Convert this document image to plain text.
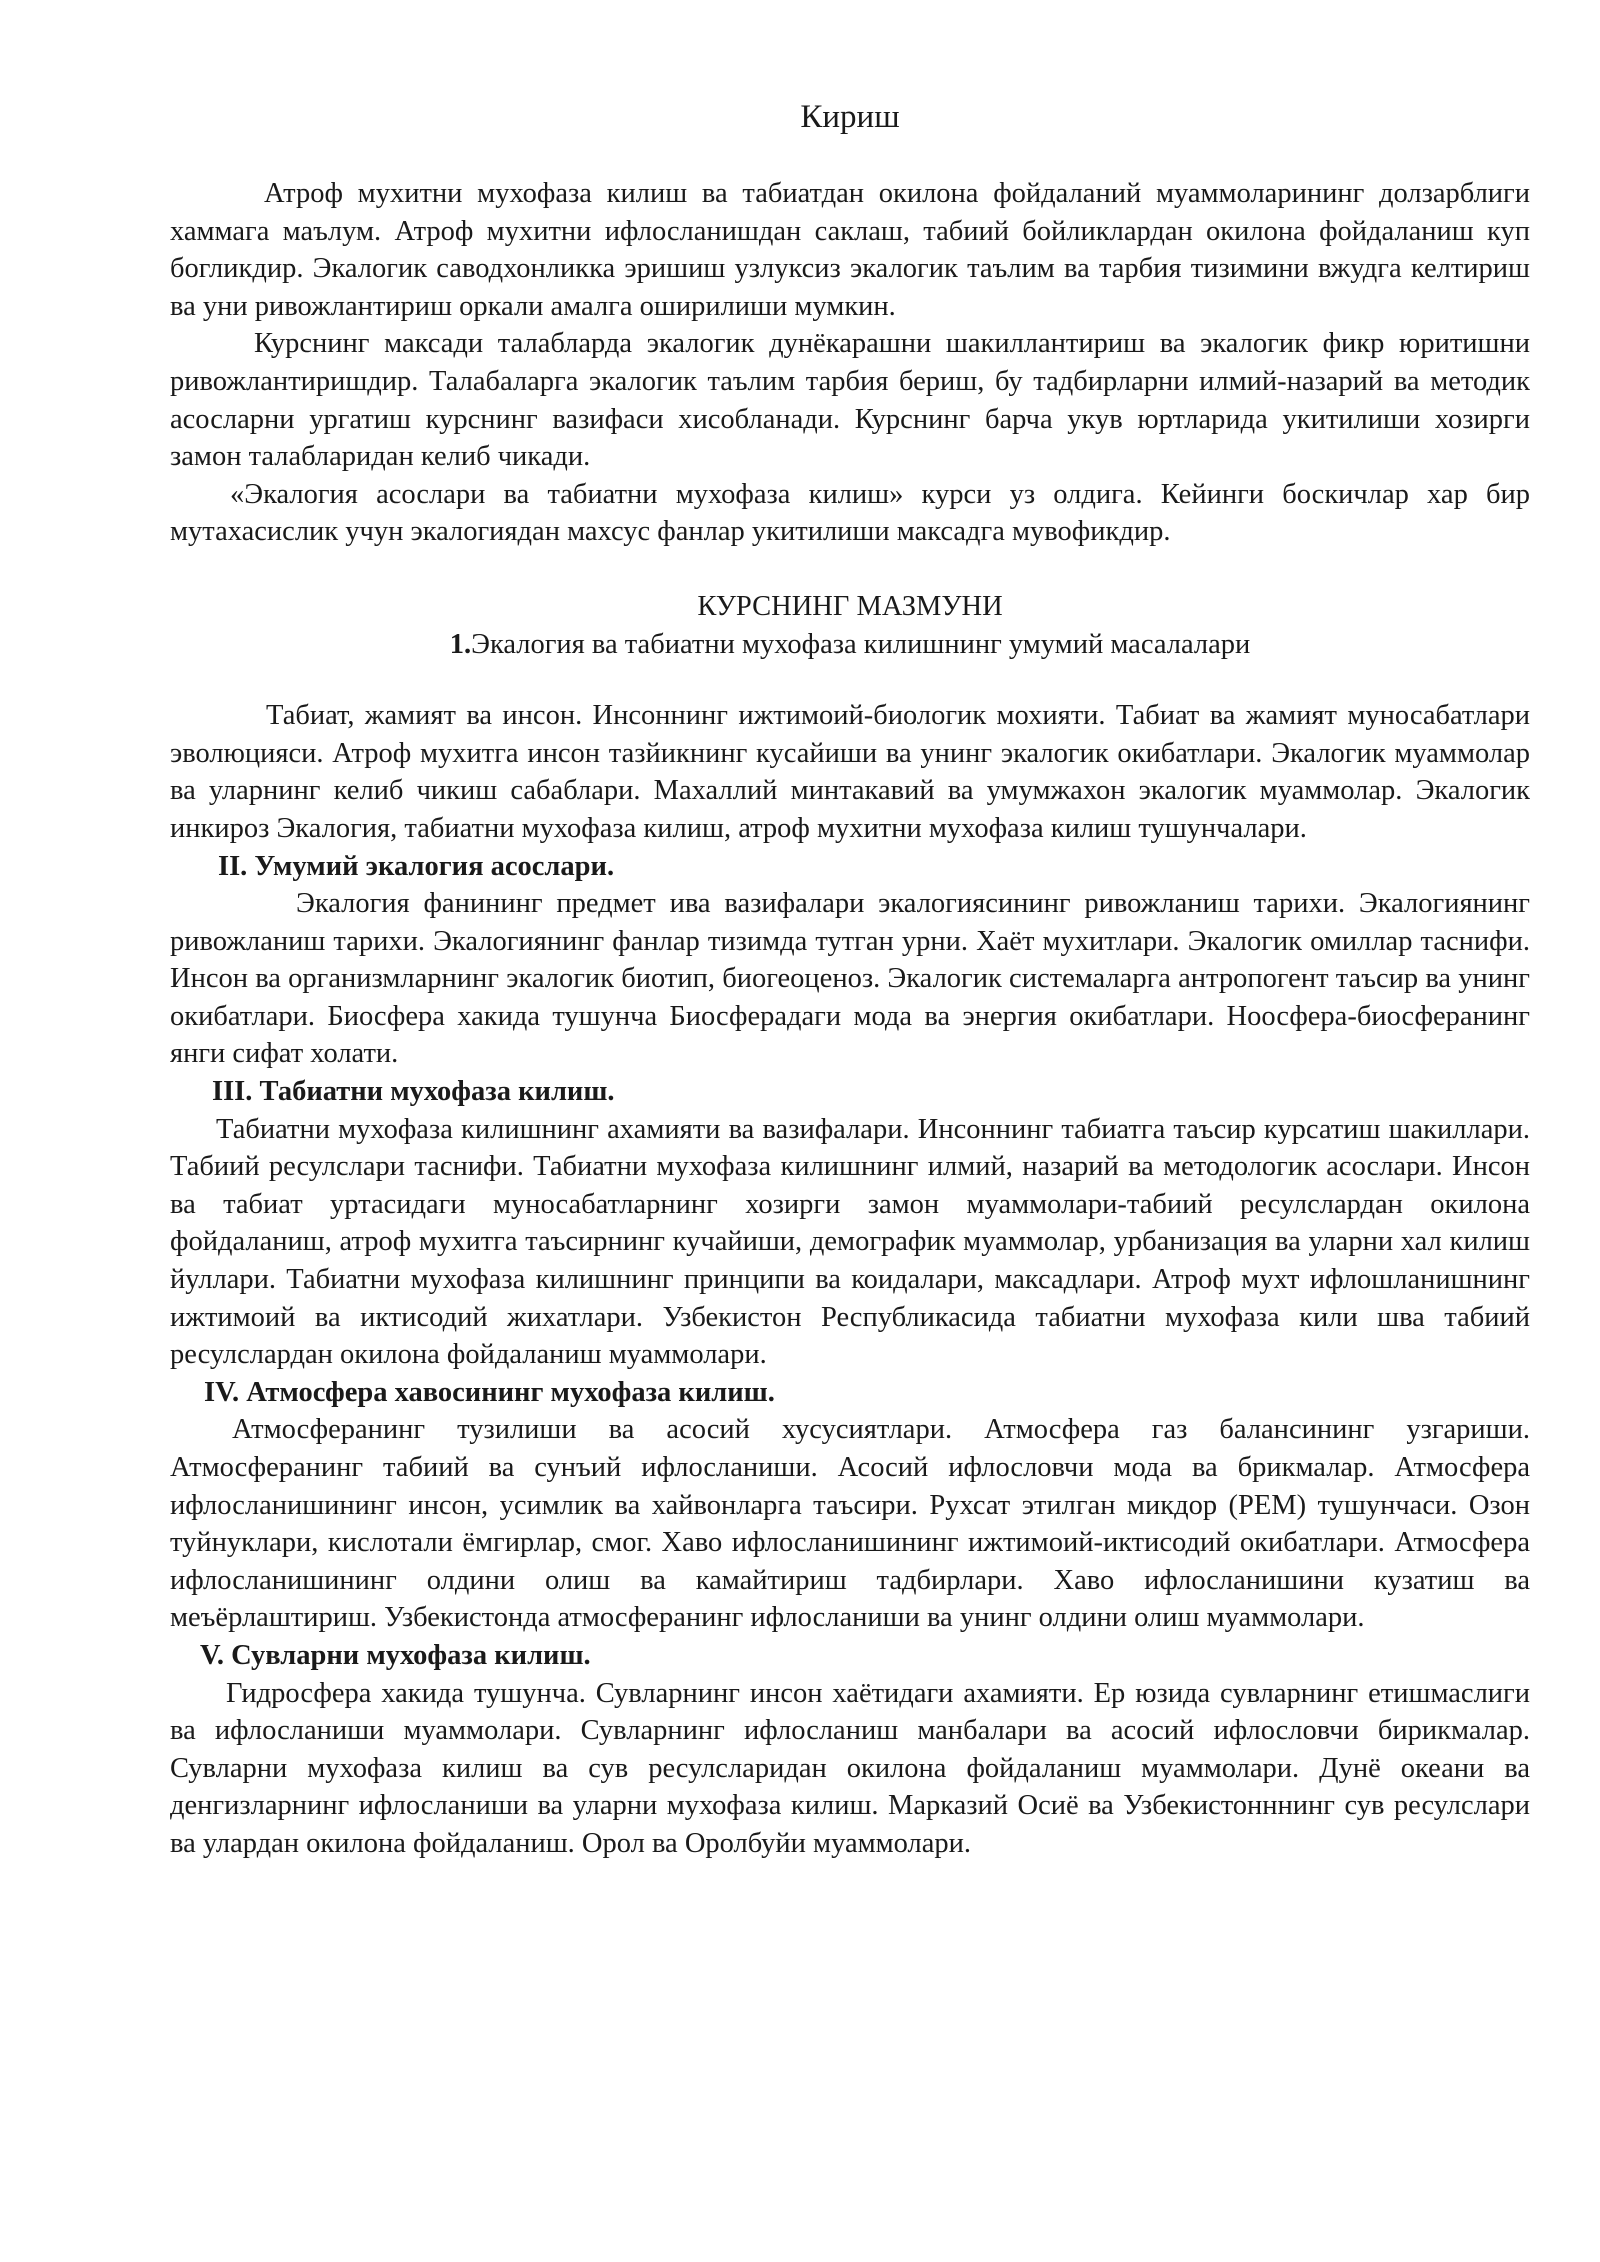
Кириш

Атроф мухитни мухофаза килиш ва табиатдан окилона фойдаланий муаммоларининг долзарблиги хаммага маълум. Атроф мухитни ифлосланишдан саклаш, табиий бойликлардан окилона фойдаланиш куп богликдир. Экалогик саводхонликка эришиш узлуксиз экалогик таълим ва тарбия тизимини вжудга келтириш ва уни ривожлантириш оркали амалга оширилиши мумкин.

Курснинг максади талабларда экалогик дунёкарашни шакиллантириш ва экалогик фикр юритишни ривожлантиришдир. Талабаларга экалогик таълим тарбия бериш, бу тадбирларни илмий-назарий ва методик асосларни ургатиш курснинг вазифаси хисобланади. Курснинг барча укув юртларида укитилиши хозирги замон талабларидан келиб чикади.

«Экалогия асослари ва табиатни мухофаза килиш» курси уз олдига. Кейинги боскичлар хар бир мутахасислик учун экалогиядан махсус фанлар укитилиши максадга мувофикдир.

КУРСНИНГ МАЗМУНИ
1.Экалогия ва табиатни мухофаза килишнинг умумий масалалари

Табиат, жамият ва инсон. Инсоннинг ижтимоий-биологик мохияти. Табиат ва жамият муносабатлари эволюцияси. Атроф мухитга инсон тазйикнинг кусайиши ва унинг экалогик окибатлари. Экалогик муаммолар ва уларнинг келиб чикиш сабаблари. Махаллий минтакавий ва умумжахон экалогик муаммолар. Экалогик инкироз Экалогия, табиатни мухофаза килиш, атроф мухитни мухофаза килиш тушунчалари.

II. Умумий экалогия асослари.

Экалогия фанининг предмет ива вазифалари экалогиясининг ривожланиш тарихи. Экалогиянинг ривожланиш тарихи. Экалогиянинг фанлар тизимда тутган урни. Хаёт мухитлари. Экалогик омиллар таснифи. Инсон ва организмларнинг экалогик биотип, биогеоценоз. Экалогик системаларга антропогент таъсир ва унинг окибатлари. Биосфера хакида тушунча Биосферадаги мода ва энергия окибатлари. Ноосфера-биосферанинг янги сифат холати.

III. Табиатни мухофаза килиш.

Табиатни мухофаза килишнинг ахамияти ва вазифалари. Инсоннинг табиатга таъсир курсатиш шакиллари. Табиий ресулслари таснифи. Табиатни мухофаза килишнинг илмий, назарий ва методологик асослари. Инсон ва табиат уртасидаги муносабатларнинг хозирги замон муаммолари-табиий ресулслардан окилона фойдаланиш, атроф мухитга таъсирнинг кучайиши, демографик муаммолар, урбанизация ва уларни хал килиш йуллари. Табиатни мухофаза килишнинг принципи ва коидалари, максадлари. Атроф мухт ифлошланишнинг ижтимоий ва иктисодий жихатлари. Узбекистон Республикасида табиатни мухофаза кили шва табиий ресулслардан окилона фойдаланиш муаммолари.

IV. Атмосфера хавосининг мухофаза килиш.

Атмосферанинг тузилиши ва асосий хусусиятлари. Атмосфера газ балансининг узгариши. Атмосферанинг табиий ва сунъий ифлосланиши. Асосий ифлословчи мода ва брикмалар. Атмосфера ифлосланишининг инсон, усимлик ва хайвонларга таъсири. Рухсат этилган микдор (РЕМ) тушунчаси. Озон туйнуклари, кислотали ёмгирлар, смог. Хаво ифлосланишининг ижтимоий-иктисодий окибатлари. Атмосфера ифлосланишининг олдини олиш ва камайтириш тадбирлари. Хаво ифлосланишини кузатиш ва меъёрлаштириш. Узбекистонда атмосферанинг ифлосланиши ва унинг олдини олиш муаммолари.

V. Сувларни мухофаза килиш.

Гидросфера хакида тушунча. Сувларнинг инсон хаётидаги ахамияти. Ер юзида сувларнинг етишмаслиги ва ифлосланиши муаммолари. Сувларнинг ифлосланиш манбалари ва асосий ифлословчи бирикмалар. Сувларни мухофаза килиш ва сув ресулсларидан окилона фойдаланиш муаммолари. Дунё океани ва денгизларнинг ифлосланиши ва уларни мухофаза килиш. Марказий Осиё ва Узбекистонннинг сув ресулслари ва улардан окилона фойдаланиш. Орол ва Оролбуйи муаммолари.
